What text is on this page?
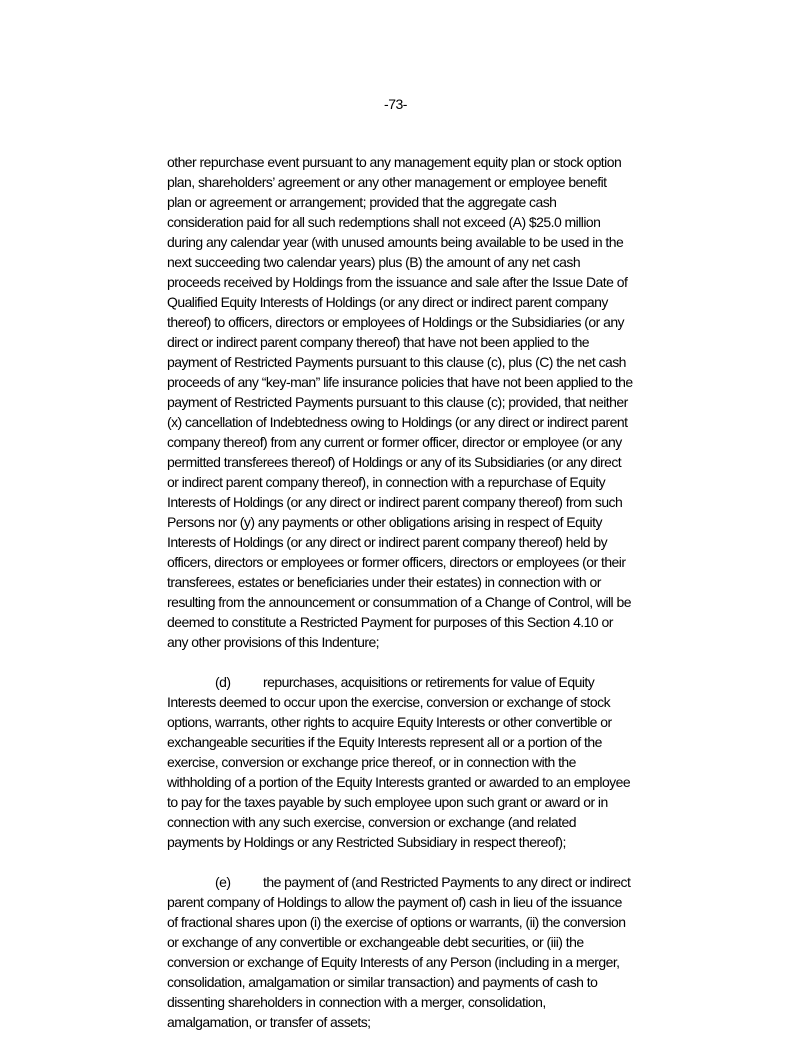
-73-

other repurchase event pursuant to any management equity plan or stock option plan, shareholders’ agreement or any other management or employee benefit plan or agreement or arrangement; provided that the aggregate cash consideration paid for all such redemptions shall not exceed (A) $25.0 million during any calendar year (with unused amounts being available to be used in the next succeeding two calendar years) plus (B) the amount of any net cash proceeds received by Holdings from the issuance and sale after the Issue Date of Qualified Equity Interests of Holdings (or any direct or indirect parent company thereof) to officers, directors or employees of Holdings or the Subsidiaries (or any direct or indirect parent company thereof) that have not been applied to the payment of Restricted Payments pursuant to this clause (c), plus (C) the net cash proceeds of any “key-man” life insurance policies that have not been applied to the payment of Restricted Payments pursuant to this clause (c); provided, that neither (x) cancellation of Indebtedness owing to Holdings (or any direct or indirect parent company thereof) from any current or former officer, director or employee (or any permitted transferees thereof) of Holdings or any of its Subsidiaries (or any direct or indirect parent company thereof), in connection with a repurchase of Equity Interests of Holdings (or any direct or indirect parent company thereof) from such Persons nor (y) any payments or other obligations arising in respect of Equity Interests of Holdings (or any direct or indirect parent company thereof) held by officers, directors or employees or former officers, directors or employees (or their transferees, estates or beneficiaries under their estates) in connection with or resulting from the announcement or consummation of a Change of Control, will be deemed to constitute a Restricted Payment for purposes of this Section 4.10 or any other provisions of this Indenture;

(d) repurchases, acquisitions or retirements for value of Equity Interests deemed to occur upon the exercise, conversion or exchange of stock options, warrants, other rights to acquire Equity Interests or other convertible or exchangeable securities if the Equity Interests represent all or a portion of the exercise, conversion or exchange price thereof, or in connection with the withholding of a portion of the Equity Interests granted or awarded to an employee to pay for the taxes payable by such employee upon such grant or award or in connection with any such exercise, conversion or exchange (and related payments by Holdings or any Restricted Subsidiary in respect thereof);

(e) the payment of (and Restricted Payments to any direct or indirect parent company of Holdings to allow the payment of) cash in lieu of the issuance of fractional shares upon (i) the exercise of options or warrants, (ii) the conversion or exchange of any convertible or exchangeable debt securities, or (iii) the conversion or exchange of Equity Interests of any Person (including in a merger, consolidation, amalgamation or similar transaction) and payments of cash to dissenting shareholders in connection with a merger, consolidation, amalgamation, or transfer of assets;
